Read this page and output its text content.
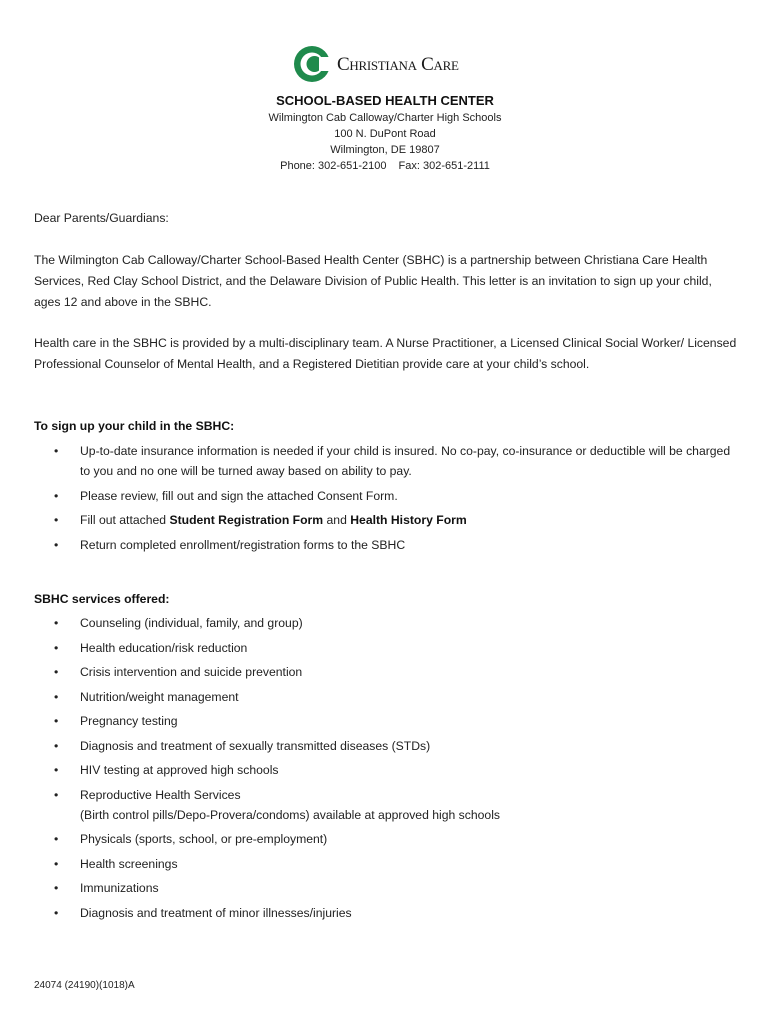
Christiana Care
SCHOOL-BASED HEALTH CENTER
Wilmington Cab Calloway/Charter High Schools
100 N. DuPont Road
Wilmington, DE 19807
Phone: 302-651-2100 Fax: 302-651-2111
Dear Parents/Guardians:
The Wilmington Cab Calloway/Charter School-Based Health Center (SBHC) is a partnership between Christiana Care Health Services, Red Clay School District, and the Delaware Division of Public Health. This letter is an invitation to sign up your child, ages 12 and above in the SBHC.
Health care in the SBHC is provided by a multi-disciplinary team. A Nurse Practitioner, a Licensed Clinical Social Worker/ Licensed Professional Counselor of Mental Health, and a Registered Dietitian provide care at your child’s school.
To sign up your child in the SBHC:
• Up-to-date insurance information is needed if your child is insured. No co-pay, co-insurance or deductible will be charged to you and no one will be turned away based on ability to pay.
• Please review, fill out and sign the attached Consent Form.
• Fill out attached Student Registration Form and Health History Form
• Return completed enrollment/registration forms to the SBHC
SBHC services offered:
• Counseling (individual, family, and group)
• Health education/risk reduction
• Crisis intervention and suicide prevention
• Nutrition/weight management
• Pregnancy testing
• Diagnosis and treatment of sexually transmitted diseases (STDs)
• HIV testing at approved high schools
• Reproductive Health Services
(Birth control pills/Depo-Provera/condoms) available at approved high schools
• Physicals (sports, school, or pre-employment)
• Health screenings
• Immunizations
• Diagnosis and treatment of minor illnesses/injuries
24074 (24190)(1018)A
